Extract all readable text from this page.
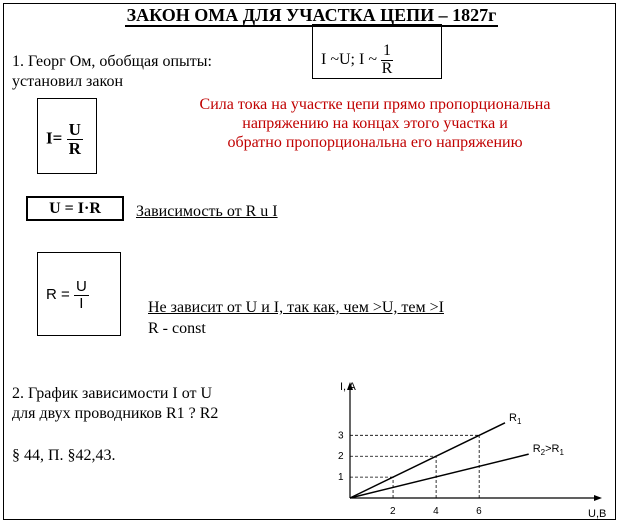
ЗАКОН ОМА ДЛЯ УЧАСТКА ЦЕПИ – 1827г
1. Георг Ом, обобщая опыты:
установил закон
I ~U; I ~ $\frac{1}{R}$
$I= \frac{U}{R}$
Сила тока на участке цепи прямо пропорциональна
напряжению на концах этого участка и
обратно пропорциональна его напряжению
U = I·R	Зависимость от R u I
$R = \frac{U}{I}$	Не зависит от U и I, так как, чем >U, тем >I
R - const
2. График зависимости I от U
для двух проводников R1 ? R2
§ 44, П. §42,43.
I, A
U,B
2	4	6
1
2
3
$R_1$
$R_2>R_1$
